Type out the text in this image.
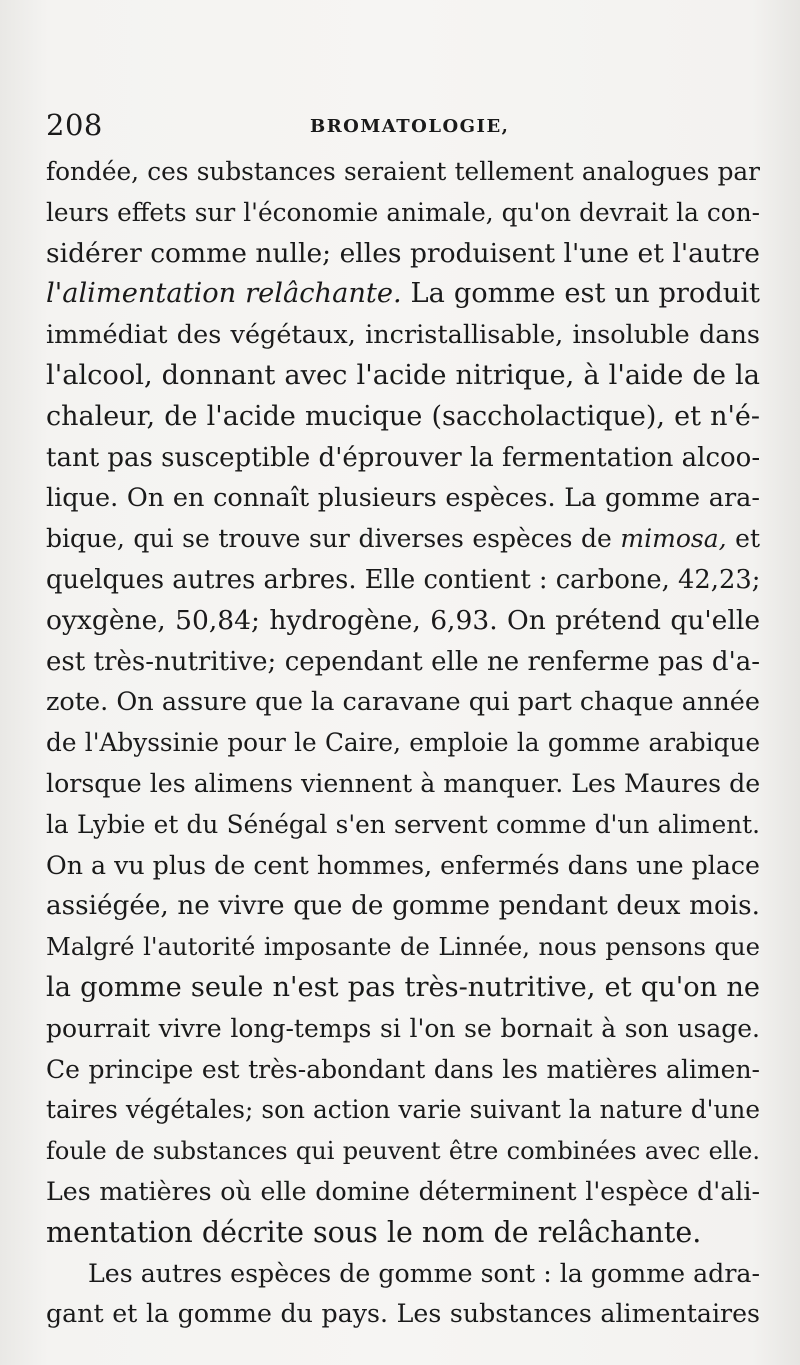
208	BROMATOLOGIE,
fondée, ces substances seraient tellement analogues par
leurs effets sur l'économie animale, qu'on devrait la con-
sidérer comme nulle; elles produisent l'une et l'autre
l'alimentation relâchante. La gomme est un produit
immédiat des végétaux, incristallisable, insoluble dans
l'alcool, donnant avec l'acide nitrique, à l'aide de la
chaleur, de l'acide mucique (saccholactique), et n'é-
tant pas susceptible d'éprouver la fermentation alcoo-
lique. On en connaît plusieurs espèces. La gomme ara-
bique, qui se trouve sur diverses espèces de mimosa, et
quelques autres arbres. Elle contient : carbone, 42,23;
oyxgène, 50,84; hydrogène, 6,93. On prétend qu'elle
est très-nutritive; cependant elle ne renferme pas d'a-
zote. On assure que la caravane qui part chaque année
de l'Abyssinie pour le Caire, emploie la gomme arabique
lorsque les alimens viennent à manquer. Les Maures de
la Lybie et du Sénégal s'en servent comme d'un aliment.
On a vu plus de cent hommes, enfermés dans une place
assiégée, ne vivre que de gomme pendant deux mois.
Malgré l'autorité imposante de Linnée, nous pensons que
la gomme seule n'est pas très-nutritive, et qu'on ne
pourrait vivre long-temps si l'on se bornait à son usage.
Ce principe est très-abondant dans les matières alimen-
taires végétales; son action varie suivant la nature d'une
foule de substances qui peuvent être combinées avec elle.
Les matières où elle domine déterminent l'espèce d'ali-
mentation décrite sous le nom de relâchante.
Les autres espèces de gomme sont : la gomme adra-
gant et la gomme du pays. Les substances alimentaires
